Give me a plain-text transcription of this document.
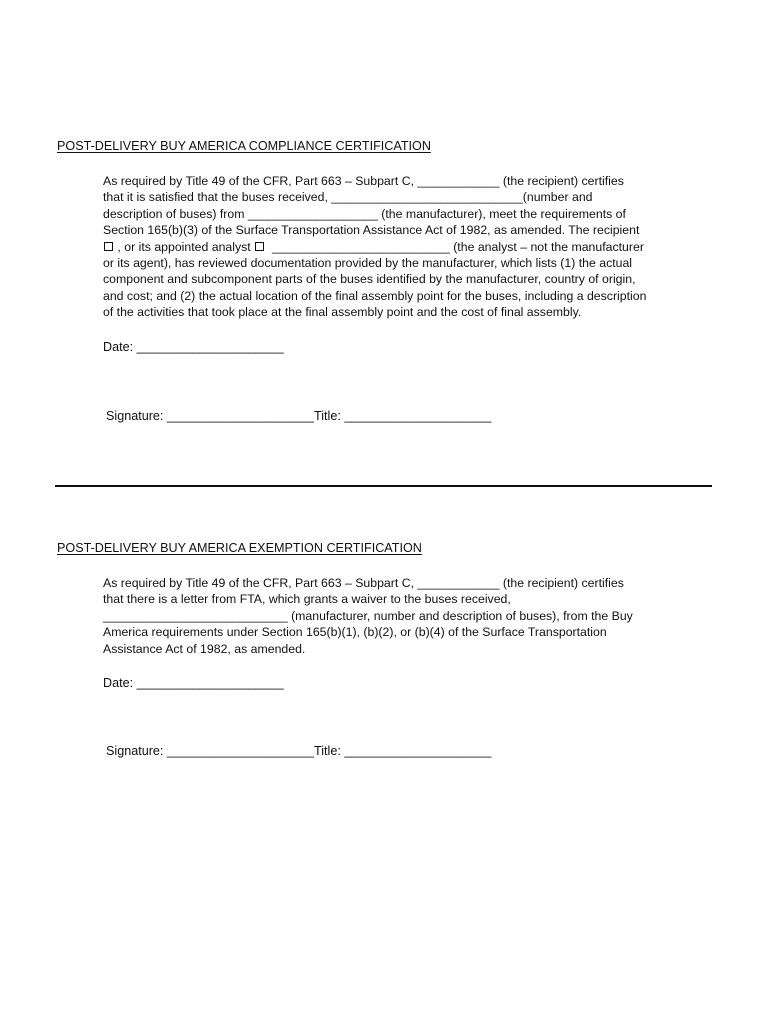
POST-DELIVERY BUY AMERICA COMPLIANCE CERTIFICATION
As required by Title 49 of the CFR, Part 663 – Subpart C, ____________ (the recipient) certifies
that it is satisfied that the buses received, ____________________________(number and
description of buses) from ___________________ (the manufacturer), meet the requirements of
Section 165(b)(3) of the Surface Transportation Assistance Act of 1982, as amended. The recipient
, or its appointed analyst __________________________ (the analyst – not the manufacturer
or its agent), has reviewed documentation provided by the manufacturer, which lists (1) the actual
component and subcomponent parts of the buses identified by the manufacturer, country of origin,
and cost; and (2) the actual location of the final assembly point for the buses, including a description
of the activities that took place at the final assembly point and the cost of final assembly.
Date: _____________________
Signature: _____________________Title: _____________________
POST-DELIVERY BUY AMERICA EXEMPTION CERTIFICATION
As required by Title 49 of the CFR, Part 663 – Subpart C, ____________ (the recipient) certifies
that there is a letter from FTA, which grants a waiver to the buses received,
___________________________ (manufacturer, number and description of buses), from the Buy
America requirements under Section 165(b)(1), (b)(2), or (b)(4) of the Surface Transportation
Assistance Act of 1982, as amended.
Date: _____________________
Signature: _____________________Title: _____________________
